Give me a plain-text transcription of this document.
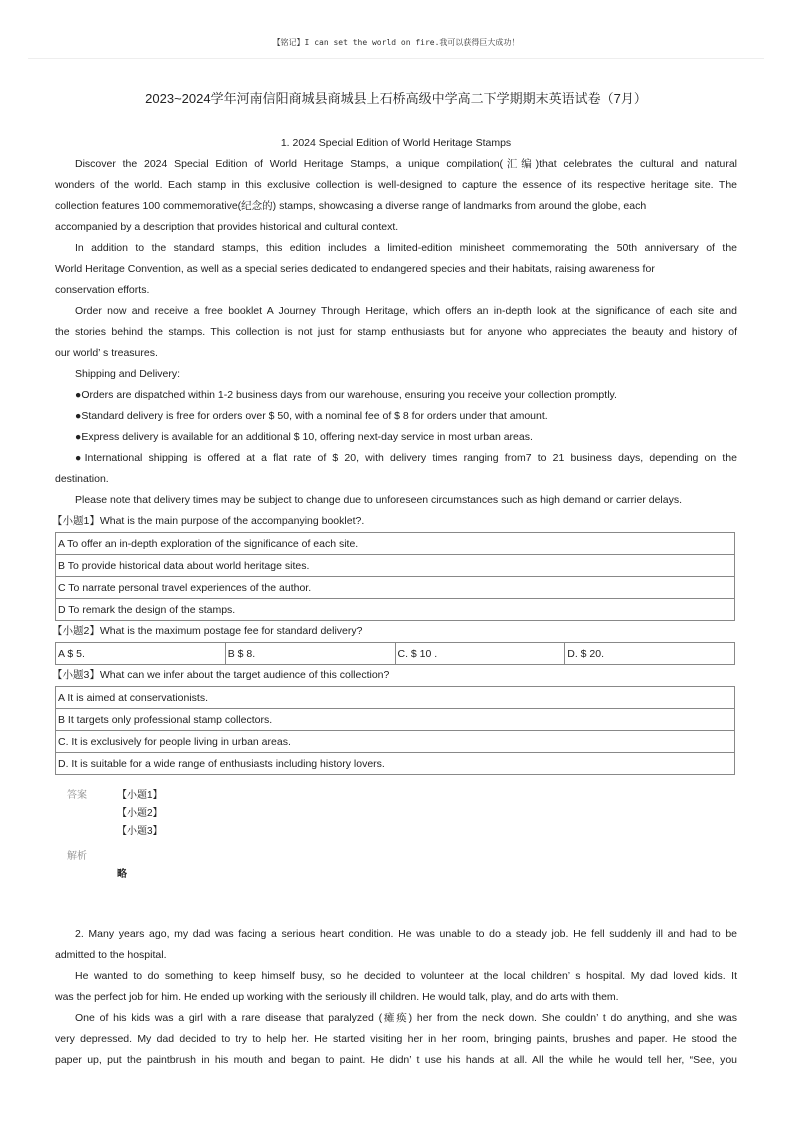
【铭记】I can set the world on fire.我可以获得巨大成功！
2023~2024学年河南信阳商城县商城县上石桥高级中学高二下学期期末英语试卷（7月）
1. 2024 Special Edition of World Heritage Stamps
Discover the 2024 Special Edition of World Heritage Stamps, a unique compilation(汇编)that celebrates the cultural and natural
wonders of the world. Each stamp in this exclusive collection is well-designed to capture the essence of its respective heritage site. The
collection features 100 commemorative(纪念的) stamps, showcasing a diverse range of landmarks from around the globe, each
accompanied by a description that provides historical and cultural context.
In addition to the standard stamps, this edition includes a limited-edition minisheet commemorating the 50th anniversary of the
World Heritage Convention, as well as a special series dedicated to endangered species and their habitats, raising awareness for
conservation efforts.
Order now and receive a free booklet A Journey Through Heritage, which offers an in-depth look at the significance of each site and
the stories behind the stamps. This collection is not just for stamp enthusiasts but for anyone who appreciates the beauty and history of
our world’ s treasures.
Shipping and Delivery:
●Orders are dispatched within 1-2 business days from our warehouse, ensuring you receive your collection promptly.
●Standard delivery is free for orders over $ 50, with a nominal fee of $ 8 for orders under that amount.
●Express delivery is available for an additional $ 10, offering next-day service in most urban areas.
●International shipping is offered at a flat rate of $ 20, with delivery times ranging from7 to 21 business days, depending on the
destination.
Please note that delivery times may be subject to change due to unforeseen circumstances such as high demand or carrier delays.
【小题1】What is the main purpose of the accompanying booklet?.
A To offer an in-depth exploration of the significance of each site.
B To provide historical data about world heritage sites.
C To narrate personal travel experiences of the author.
D To remark the design of the stamps.
【小题2】What is the maximum postage fee for standard delivery?
A $ 5.	B $ 8.	C. $ 10 .	D. $ 20.
【小题3】What can we infer about the target audience of this collection?
A It is aimed at conservationists.
B It targets only professional stamp collectors.
C. It is exclusively for people living in urban areas.
D. It is suitable for a wide range of enthusiasts including history lovers.
答案	【小题1】
【小题2】
【小题3】
解析
略
2. Many years ago, my dad was facing a serious heart condition. He was unable to do a steady job. He fell suddenly ill and had to be
admitted to the hospital.
He wanted to do something to keep himself busy, so he decided to volunteer at the local children’ s hospital. My dad loved kids. It
was the perfect job for him. He ended up working with the seriously ill children. He would talk, play, and do arts with them.
One of his kids was a girl with a rare disease that paralyzed (瘫痪) her from the neck down. She couldn’ t do anything, and she was
very depressed. My dad decided to try to help her. He started visiting her in her room, bringing paints, brushes and paper. He stood the
paper up, put the paintbrush in his mouth and began to paint. He didn’ t use his hands at all. All the while he would tell her, “See, you
